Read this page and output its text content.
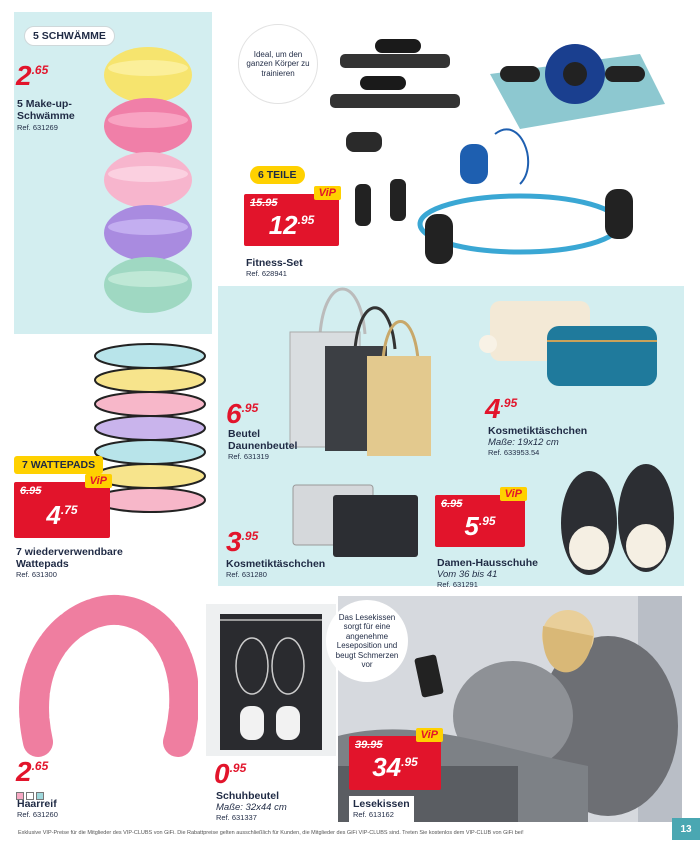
5 SCHWÄMME
$2^{.65}$
5 Make-up-
Schwämme
Ref. 631269
Ideal, um den ganzen Körper zu trainieren
6 TEILE
ViP
15.95
$12^{.95}$
Fitness-Set
Ref. 628941
$6^{.95}$
Beutel
Daunenbeutel
Ref. 631319
$4^{.95}$
Kosmetiktäschchen
Maße: 19x12 cm
Ref. 633953.54
$3^{.95}$
Kosmetiktäschchen
Ref. 631280
ViP
6.95
$5^{.95}$
Damen-Hausschuhe
Vom 36 bis 41
Ref. 631291
7 WATTEPADS
ViP
6.95
$4^{.75}$
7 wiederverwendbare
Wattepads
Ref. 631300
$2^{.65}$
Haarreif
Ref. 631260
$0^{.95}$
Schuhbeutel
Maße: 32x44 cm
Ref. 631337
Das Lesekissen sorgt für eine angenehme Leseposition und beugt Schmerzen vor
ViP
39.95
$34^{.95}$
Lesekissen
Ref. 613162
Exklusive VIP-Preise für die Mitglieder des VIP-CLUBS von GiFi. Die Rabattpreise gelten ausschließlich für Kunden, die Mitglieder des GiFi VIP-CLUBS sind. Treten Sie kostenlos dem VIP-CLUB von GiFi bei!	13
